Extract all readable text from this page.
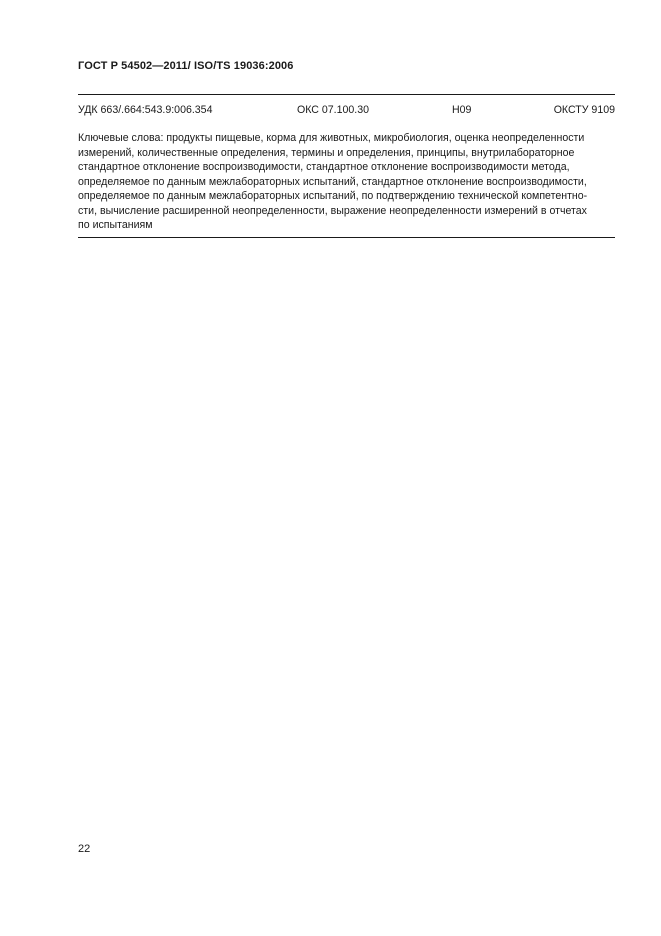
ГОСТ Р 54502—2011/ ISO/TS 19036:2006
УДК 663/.664:543.9:006.354	ОКС 07.100.30	Н09	ОКСТУ 9109
Ключевые слова: продукты пищевые, корма для животных, микробиология, оценка неопределенности
измерений, количественные определения, термины и определения, принципы, внутрилабораторное
стандартное отклонение воспроизводимости, стандартное отклонение воспроизводимости метода,
определяемое по данным межлабораторных испытаний, стандартное отклонение воспроизводимости,
определяемое по данным межлабораторных испытаний, по подтверждению технической компетентно-
сти, вычисление расширенной неопределенности, выражение неопределенности измерений в отчетах
по испытаниям
22
